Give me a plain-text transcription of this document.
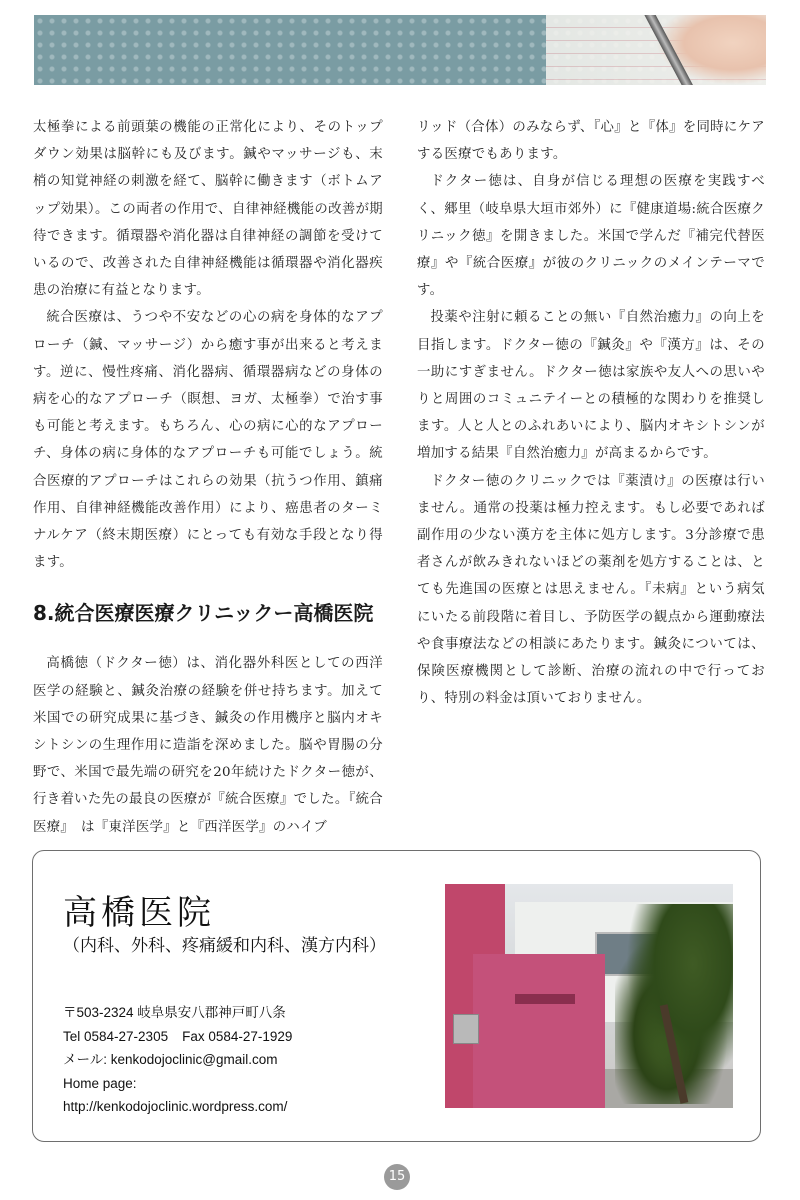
太極拳による前頭葉の機能の正常化により、そのトップダウン効果は脳幹にも及びます。鍼やマッサージも、末梢の知覚神経の刺激を経て、脳幹に働きます（ボトムアップ効果）。この両者の作用で、自律神経機能の改善が期待できます。循環器や消化器は自律神経の調節を受けているので、改善された自律神経機能は循環器や消化器疾患の治療に有益となります。

統合医療は、うつや不安などの心の病を身体的なアプローチ（鍼、マッサージ）から癒す事が出来ると考えます。逆に、慢性疼痛、消化器病、循環器病などの身体の病を心的なアプローチ（瞑想、ヨガ、太極拳）で治す事も可能と考えます。もちろん、心の病に心的なアプローチ、身体の病に身体的なアプローチも可能でしょう。統合医療的アプローチはこれらの効果（抗うつ作用、鎮痛作用、自律神経機能改善作用）により、癌患者のターミナルケア（終末期医療）にとっても有効な手段となり得ます。

8.統合医療医療クリニックー高橋医院

高橋徳（ドクター徳）は、消化器外科医としての西洋医学の経験と、鍼灸治療の経験を併せ持ちます。加えて米国での研究成果に基づき、鍼灸の作用機序と脳内オキシトシンの生理作用に造詣を深めました。脳や胃腸の分野で、米国で最先端の研究を20年続けたドクター徳が、行き着いた先の最良の医療が『統合医療』でした。『統合医療』　は『東洋医学』と『西洋医学』のハイブ

リッド（合体）のみならず、『心』と『体』を同時にケアする医療でもあります。

ドクター徳は、自身が信じる理想の医療を実践すべく、郷里（岐阜県大垣市郊外）に『健康道場:統合医療クリニック徳』を開きました。米国で学んだ『補完代替医療』や『統合医療』が彼のクリニックのメインテーマです。

投薬や注射に頼ることの無い『自然治癒力』の向上を目指します。ドクター徳の『鍼灸』や『漢方』は、その一助にすぎません。ドクター徳は家族や友人への思いやりと周囲のコミュニテイーとの積極的な関わりを推奨します。人と人とのふれあいにより、脳内オキシトシンが増加する結果『自然治癒力』が高まるからです。

ドクター徳のクリニックでは『薬漬け』の医療は行いません。通常の投薬は極力控えます。もし必要であれば副作用の少ない漢方を主体に処方します。3分診療で患者さんが飲みきれないほどの薬剤を処方することは、とても先進国の医療とは思えません。『未病』という病気にいたる前段階に着目し、予防医学の観点から運動療法や食事療法などの相談にあたります。鍼灸については、保険医療機関として診断、治療の流れの中で行っており、特別の料金は頂いておりません。

高橋医院
（内科、外科、疼痛緩和内科、漢方内科）
〒503-2324 岐阜県安八郡神戸町八条
Tel 0584-27-2305 Fax 0584-27-1929
メール: kenkodojoclinic@gmail.com
Home page:
http://kenkodojoclinic.wordpress.com/
15
